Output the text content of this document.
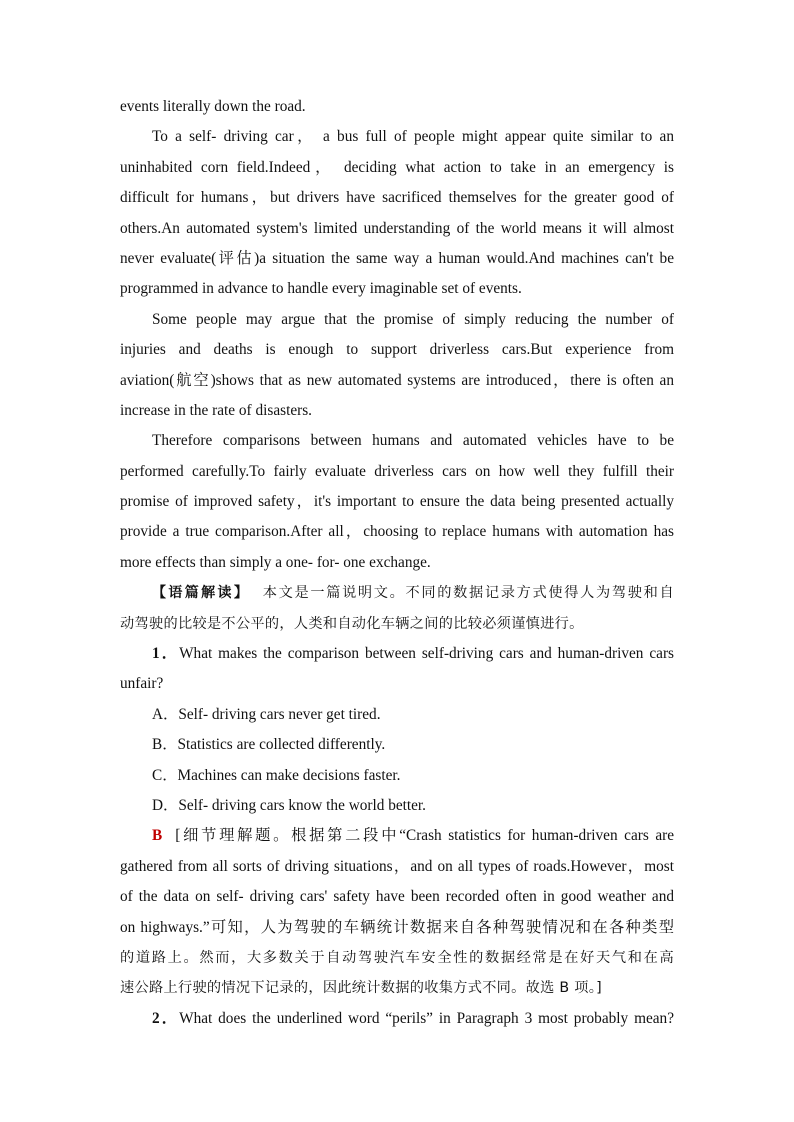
events literally down the road.
To a self- driving car， a bus full of people might appear quite similar to an
uninhabited corn field.Indeed， deciding what action to take in an emergency is
difficult for humans，but drivers have sacrificed themselves for the greater good of
others.An automated system's limited understanding of the world means it will almost
never evaluate(评估)a situation the same way a human would.And machines can't be
programmed in advance to handle every imaginable set of events.
Some people may argue that the promise of simply reducing the number of
injuries and deaths is enough to support driverless cars.But experience from
aviation(航空)shows that as new automated systems are introduced，there is often an
increase in the rate of disasters.
Therefore comparisons between humans and automated vehicles have to be
performed carefully.To fairly evaluate driverless cars on how well they fulfill their
promise of improved safety，it's important to ensure the data being presented actually
provide a true comparison.After all，choosing to replace humans with automation has
more effects than simply a one- for- one exchange.
【语篇解读】 本文是一篇说明文。不同的数据记录方式使得人为驾驶和自
动驾驶的比较是不公平的，人类和自动化车辆之间的比较必须谨慎进行。
1．What makes the comparison between self-driving cars and human-driven cars
unfair?
A．Self- driving cars never get tired.
B．Statistics are collected differently.
C．Machines can make decisions faster.
D．Self- driving cars know the world better.
B [细节理解题。根据第二段中“Crash statistics for human-driven cars are
gathered from all sorts of driving situations，and on all types of roads.However，most
of the data on self- driving cars' safety have been recorded often in good weather and
on highways.”可知，人为驾驶的车辆统计数据来自各种驾驶情况和在各种类型
的道路上。然而，大多数关于自动驾驶汽车安全性的数据经常是在好天气和在高
速公路上行驶的情况下记录的，因此统计数据的收集方式不同。故选 B 项。]
2．What does the underlined word “perils” in Paragraph 3 most probably mean?
